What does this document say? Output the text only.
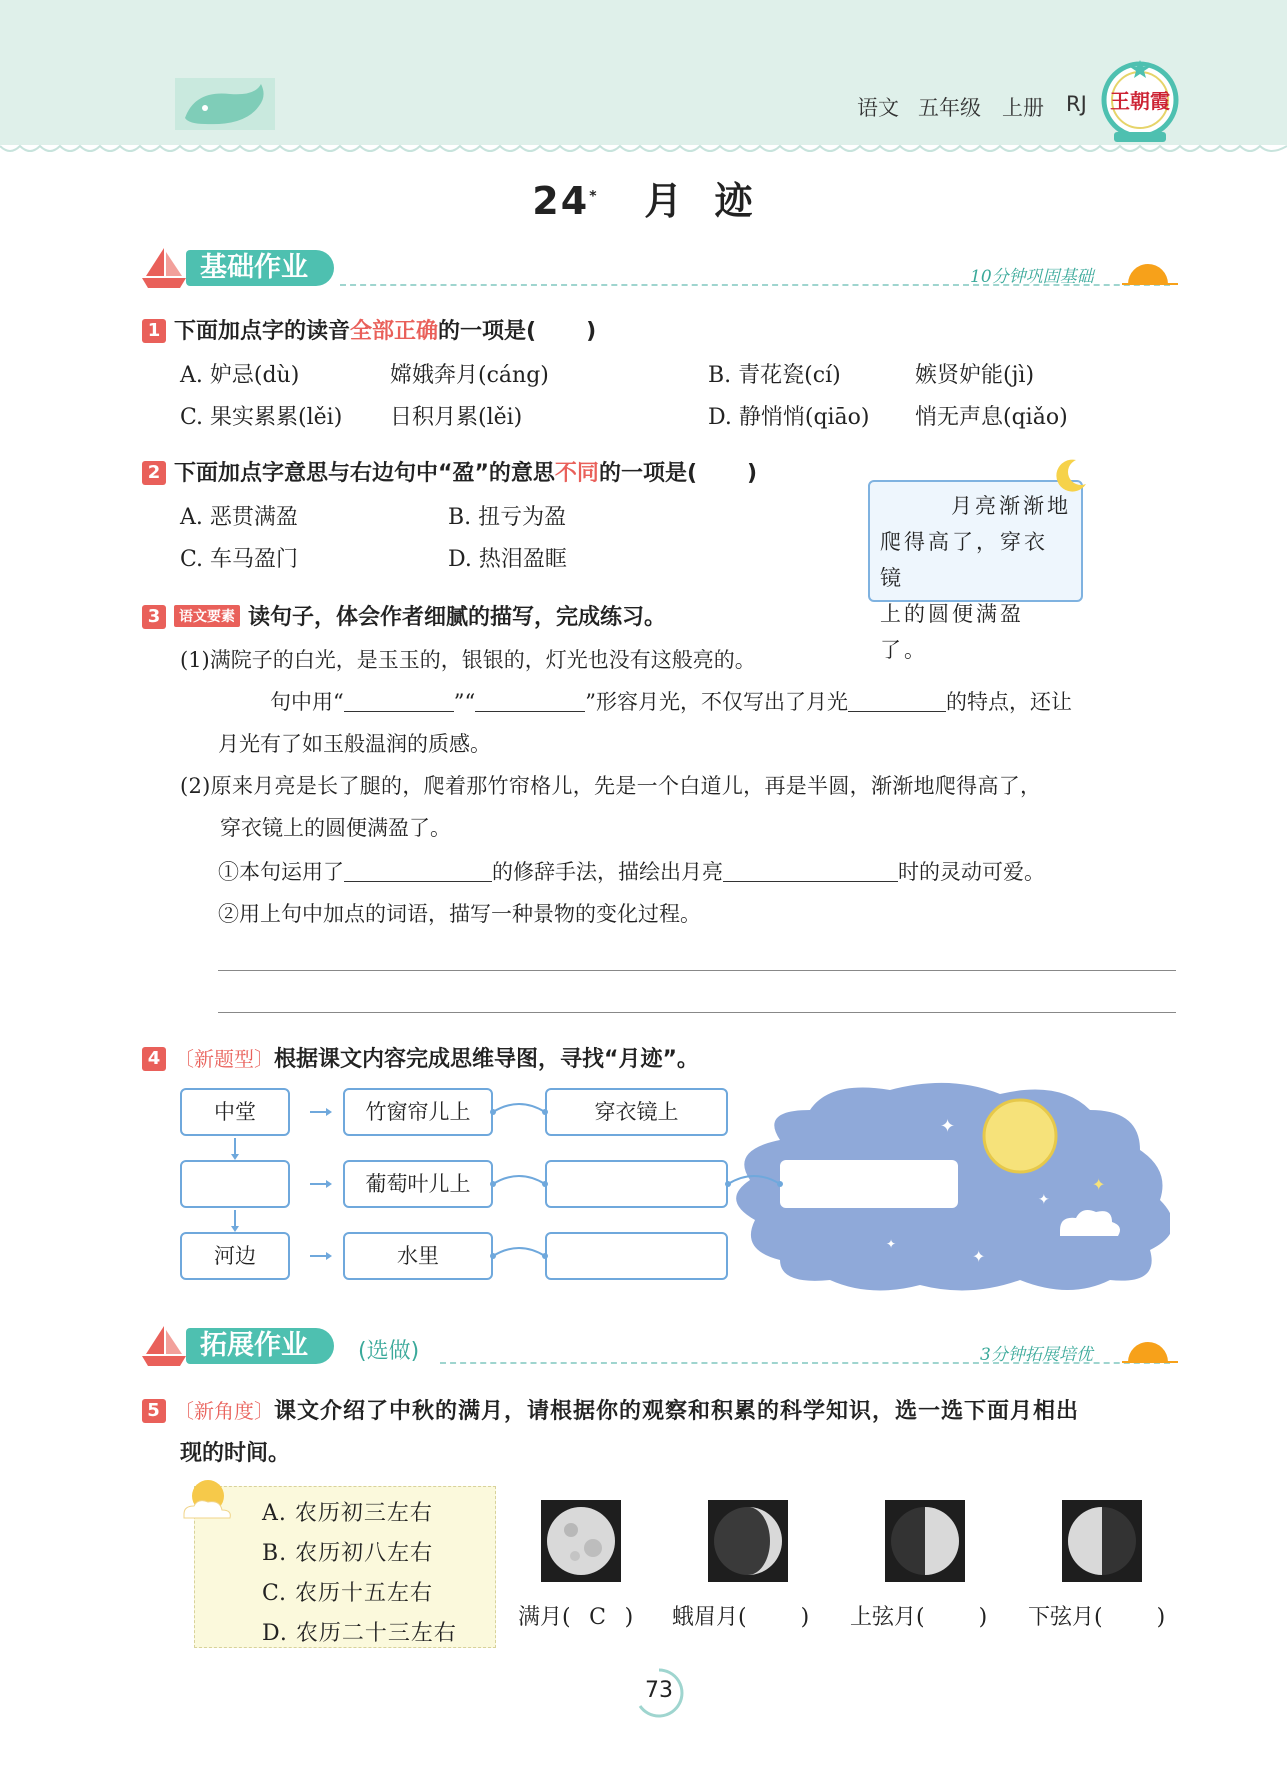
语文 五年级 上册 RJ 王朝霞
24* 月  迹
基础作业	10分钟巩固基础
1 下面加点字的读音全部正确的一项是( )
A. 妒忌(dù)	嫦娥奔月(cáng)	B. 青花瓷(cí)	嫉贤妒能(jì)
C. 果实累累(lěi) 日积月累(lěi)	D. 静悄悄(qiāo) 悄无声息(qiǎo)
2 下面加点字意思与右边句中“盈”的意思不同的一项是( )
A. 恶贯满盈	B. 扭亏为盈
C. 车马盈门	D. 热泪盈眶
月亮渐渐地
爬得高了，穿衣镜
上的圆便满盈了。
3 语文要素 读句子，体会作者细腻的描写，完成练习。
(1)满院子的白光，是玉玉的，银银的，灯光也没有这般亮的。
句中用“	”“	”形容月光，不仅写出了月光	的特点，还让
月光有了如玉般温润的质感。
(2)原来月亮是长了腿的，爬着那竹帘格儿，先是一个白道儿，再是半圆，渐渐地爬得高了，
穿衣镜上的圆便满盈了。
①本句运用了	的修辞手法，描绘出月亮	时的灵动可爱。
②用上句中加点的词语，描写一种景物的变化过程。
4 〔新题型〕根据课文内容完成思维导图，寻找“月迹”。
✦
✦
✦
✦
✦
中堂
河边
竹窗帘儿上
葡萄叶儿上
水里
穿衣镜上
拓展作业	(选做)	3分钟拓展培优
5 〔新角度〕课文介绍了中秋的满月，请根据你的观察和积累的科学知识，选一选下面月相出
现的时间。
A. 农历初三左右
B. 农历初八左右
C. 农历十五左右
D. 农历二十三左右
满月( C ) 蛾眉月( ) 上弦月( ) 下弦月( )
73
